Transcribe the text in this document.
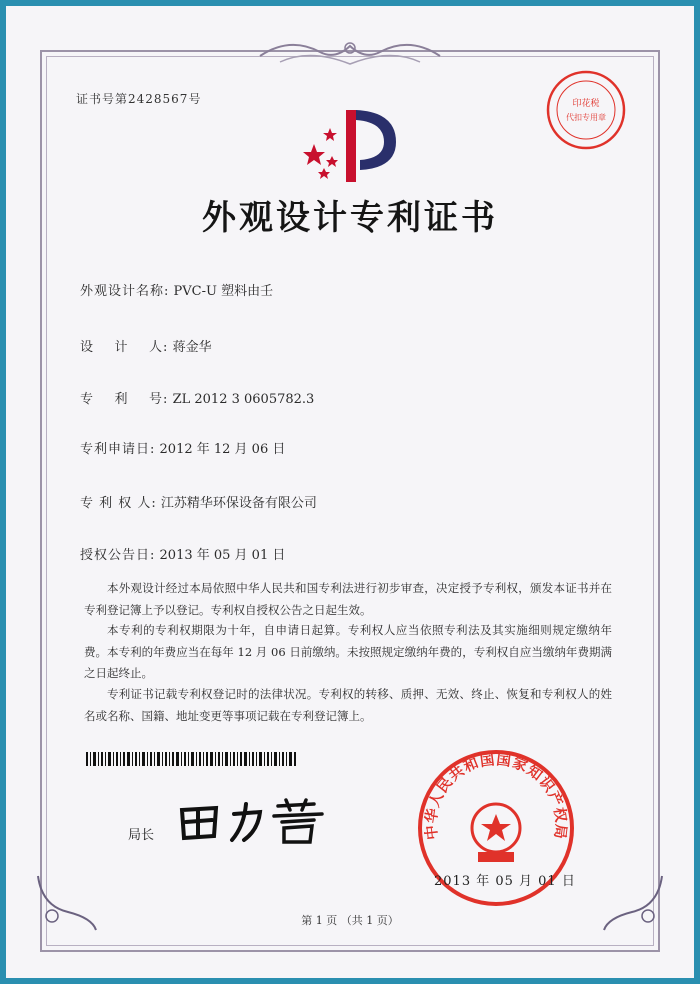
证书号第2428567号	印花税
代扣专用章
外观设计专利证书
外观设计名称: PVC-U 塑料由壬
设    计    人: 蒋金华
专    利    号: ZL 2012 3 0605782.3
专利申请日: 2012 年 12 月 06 日
专 利 权 人: 江苏精华环保设备有限公司
授权公告日: 2013 年 05 月 01 日
本外观设计经过本局依照中华人民共和国专利法进行初步审查，决定授予专利权，颁发本证书并在专利登记簿上予以登记。专利权自授权公告之日起生效。
本专利的专利权期限为十年，自申请日起算。专利权人应当依照专利法及其实施细则规定缴纳年费。本专利的年费应当在每年 12 月 06 日前缴纳。未按照规定缴纳年费的，专利权自应当缴纳年费期满之日起终止。
专利证书记载专利权登记时的法律状况。专利权的转移、质押、无效、终止、恢复和专利权人的姓名或名称、国籍、地址变更等事项记载在专利登记簿上。
局长	中华人民共和国国家知识产权局
2013 年 05 月 01 日
第 1 页 （共 1 页）
